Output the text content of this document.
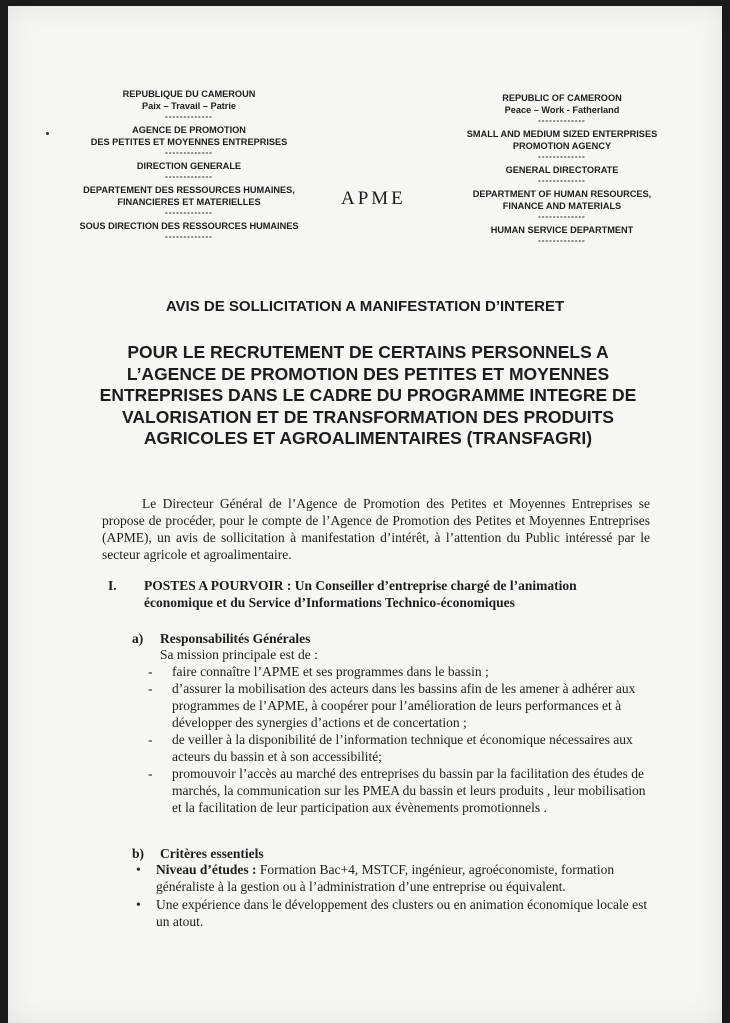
REPUBLIQUE DU CAMEROUN
Paix – Travail – Patrie
-------------
AGENCE DE PROMOTION
DES PETITES ET MOYENNES ENTREPRISES
-------------
DIRECTION GENERALE
-------------
DEPARTEMENT DES RESSOURCES HUMAINES,
FINANCIERES ET MATERIELLES
-------------
SOUS DIRECTION DES RESSOURCES HUMAINES
-------------
APME
REPUBLIC OF CAMEROON
Peace – Work - Fatherland
-------------
SMALL AND MEDIUM SIZED ENTERPRISES
PROMOTION AGENCY
-------------
GENERAL DIRECTORATE
-------------
DEPARTMENT OF HUMAN RESOURCES,
FINANCE AND MATERIALS
-------------
HUMAN SERVICE DEPARTMENT
-------------
AVIS DE SOLLICITATION A MANIFESTATION D’INTERET
POUR LE RECRUTEMENT DE CERTAINS PERSONNELS A L’AGENCE DE PROMOTION DES PETITES ET MOYENNES ENTREPRISES DANS LE CADRE DU PROGRAMME INTEGRE DE VALORISATION ET DE TRANSFORMATION DES PRODUITS AGRICOLES ET AGROALIMENTAIRES (TRANSFAGRI)
Le Directeur Général de l’Agence de Promotion des Petites et Moyennes Entreprises se propose de procéder, pour le compte de l’Agence de Promotion des Petites et Moyennes Entreprises (APME), un avis de sollicitation à manifestation d’intérêt, à l’attention du Public intéressé par le secteur agricole et agroalimentaire.
I. POSTES A POURVOIR : Un Conseiller d’entreprise chargé de l’animation économique et du Service d’Informations Technico-économiques
a) Responsabilités Générales
Sa mission principale est de :
- faire connaître l’APME et ses programmes dans le bassin ;
- d’assurer la mobilisation des acteurs dans les bassins afin de les amener à adhérer aux programmes de l’APME, à coopérer pour l’amélioration de leurs performances et à développer des synergies d’actions et de concertation ;
- de veiller à la disponibilité de l’information technique et économique nécessaires aux acteurs du bassin et à son accessibilité;
- promouvoir l’accès au marché des entreprises du bassin par la facilitation des études de marchés, la communication sur les PMEA du bassin et leurs produits , leur mobilisation et la facilitation de leur participation aux évènements promotionnels .
b) Critères essentiels
• Niveau d’études : Formation Bac+4, MSTCF, ingénieur, agroéconomiste, formation généraliste à la gestion ou à l’administration d’une entreprise ou équivalent.
• Une expérience dans le développement des clusters ou en animation économique locale est un atout.
